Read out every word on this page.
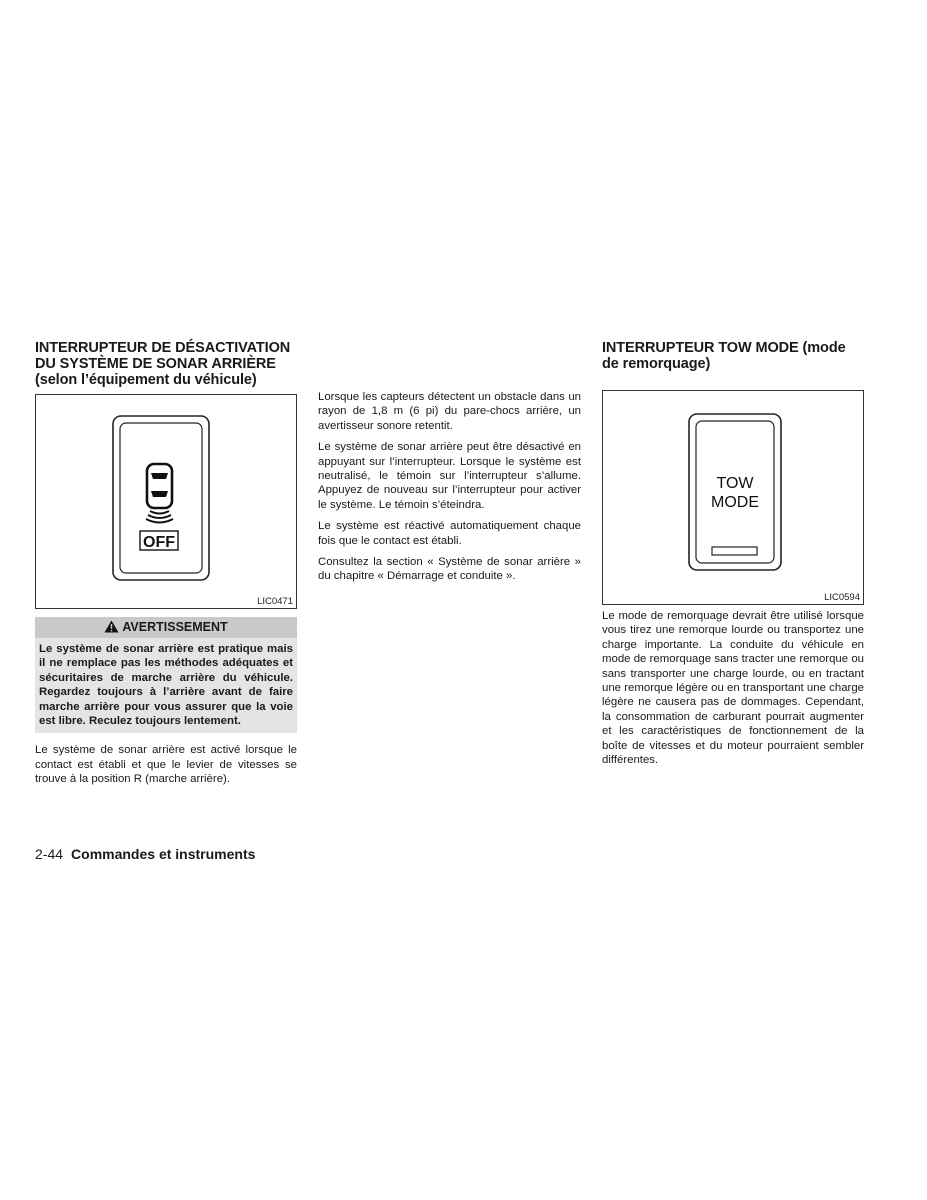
INTERRUPTEUR DE DÉSACTIVATION
DU SYSTÈME DE SONAR ARRIÈRE
(selon l’équipement du véhicule)
OFF
LIC0471
AVERTISSEMENT
Le système de sonar arrière est pratique mais il ne remplace pas les méthodes adéquates et sécuritaires de marche arrière du véhicule. Regardez toujours à l’arrière avant de faire marche arrière pour vous assurer que la voie est libre. Reculez toujours lentement.

Le système de sonar arrière est activé lorsque le contact est établi et que le levier de vitesses se trouve à la position R (marche arrière).

Lorsque les capteurs détectent un obstacle dans un rayon de 1,8 m (6 pi) du pare-chocs arrière, un avertisseur sonore retentit.

Le système de sonar arrière peut être désactivé en appuyant sur l’interrupteur. Lorsque le système est neutralisé, le témoin sur l’interrupteur s’allume. Appuyez de nouveau sur l’interrupteur pour activer le système. Le témoin s’éteindra.

Le système est réactivé automatiquement chaque fois que le contact est établi.

Consultez la section « Système de sonar arrière » du chapitre « Démarrage et conduite ».

INTERRUPTEUR TOW MODE (mode
de remorquage)
TOW
MODE
LIC0594

Le mode de remorquage devrait être utilisé lorsque vous tirez une remorque lourde ou transportez une charge importante. La conduite du véhicule en mode de remorquage sans tracter une remorque ou sans transporter une charge lourde, ou en tractant une remorque légère ou en transportant une charge légère ne causera pas de dommages. Cependant, la consommation de carburant pourrait augmenter et les caractéristiques de fonctionnement de la boîte de vitesses et du moteur pourraient sembler différentes.

2-44 Commandes et instruments
